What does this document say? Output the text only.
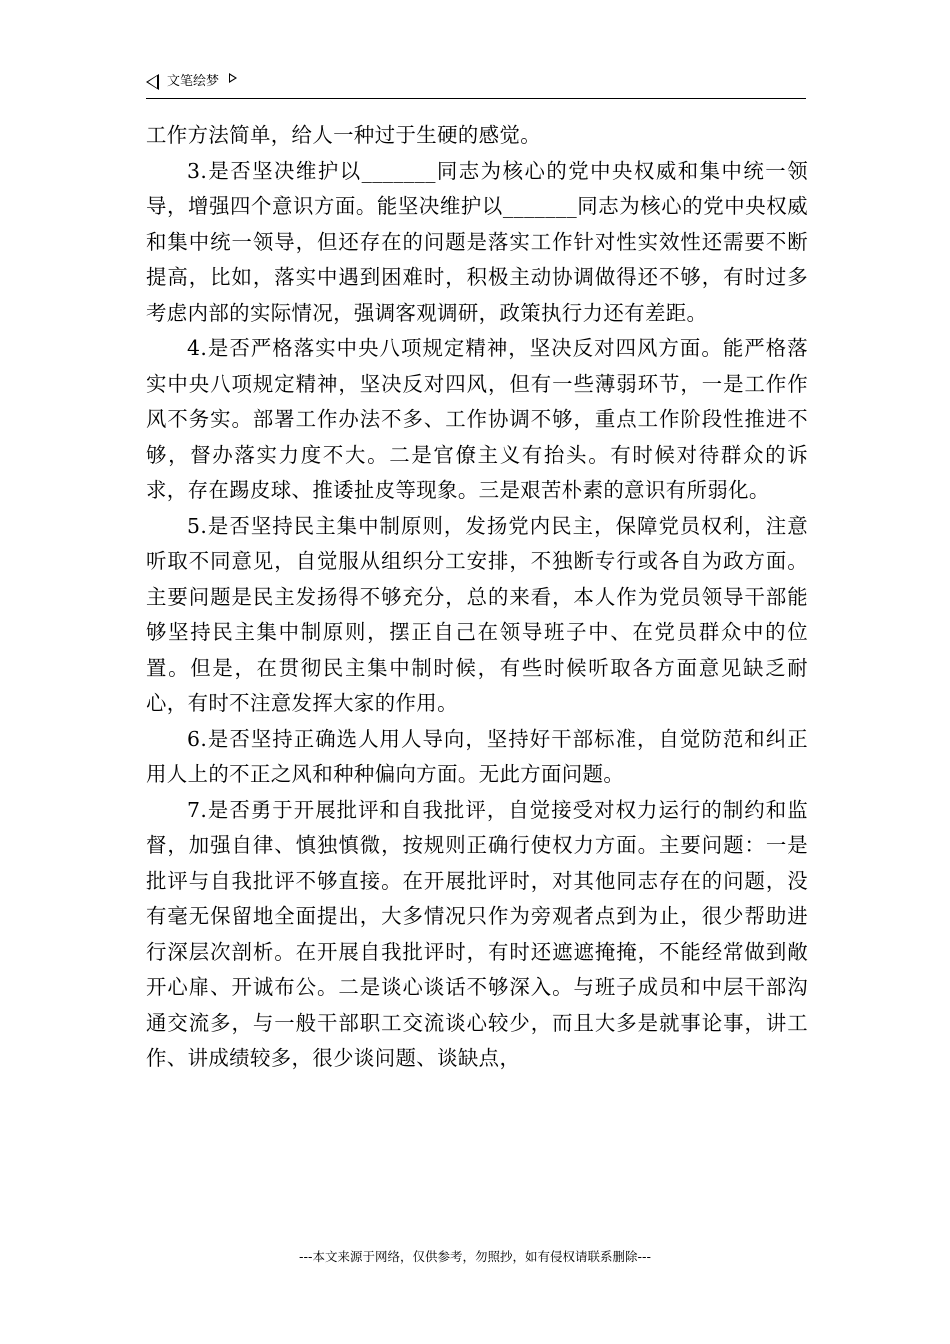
文笔绘梦

工作方法简单，给人一种过于生硬的感觉。

3.是否坚决维护以_______同志为核心的党中央权威和集中统一领导，增强四个意识方面。能坚决维护以_______同志为核心的党中央权威和集中统一领导，但还存在的问题是落实工作针对性实效性还需要不断提高，比如，落实中遇到困难时，积极主动协调做得还不够，有时过多考虑内部的实际情况，强调客观调研，政策执行力还有差距。

4.是否严格落实中央八项规定精神，坚决反对四风方面。能严格落实中央八项规定精神，坚决反对四风，但有一些薄弱环节，一是工作作风不务实。部署工作办法不多、工作协调不够，重点工作阶段性推进不够，督办落实力度不大。二是官僚主义有抬头。有时候对待群众的诉求，存在踢皮球、推诿扯皮等现象。三是艰苦朴素的意识有所弱化。

5.是否坚持民主集中制原则，发扬党内民主，保障党员权利，注意听取不同意见，自觉服从组织分工安排，不独断专行或各自为政方面。主要问题是民主发扬得不够充分，总的来看，本人作为党员领导干部能够坚持民主集中制原则，摆正自己在领导班子中、在党员群众中的位置。但是，在贯彻民主集中制时候，有些时候听取各方面意见缺乏耐心，有时不注意发挥大家的作用。

6.是否坚持正确选人用人导向，坚持好干部标准，自觉防范和纠正用人上的不正之风和种种偏向方面。无此方面问题。

7.是否勇于开展批评和自我批评，自觉接受对权力运行的制约和监督，加强自律、慎独慎微，按规则正确行使权力方面。主要问题：一是批评与自我批评不够直接。在开展批评时，对其他同志存在的问题，没有毫无保留地全面提出，大多情况只作为旁观者点到为止，很少帮助进行深层次剖析。在开展自我批评时，有时还遮遮掩掩，不能经常做到敞开心扉、开诚布公。二是谈心谈话不够深入。与班子成员和中层干部沟通交流多，与一般干部职工交流谈心较少，而且大多是就事论事，讲工作、讲成绩较多，很少谈问题、谈缺点，

---本文来源于网络，仅供参考，勿照抄，如有侵权请联系删除---
